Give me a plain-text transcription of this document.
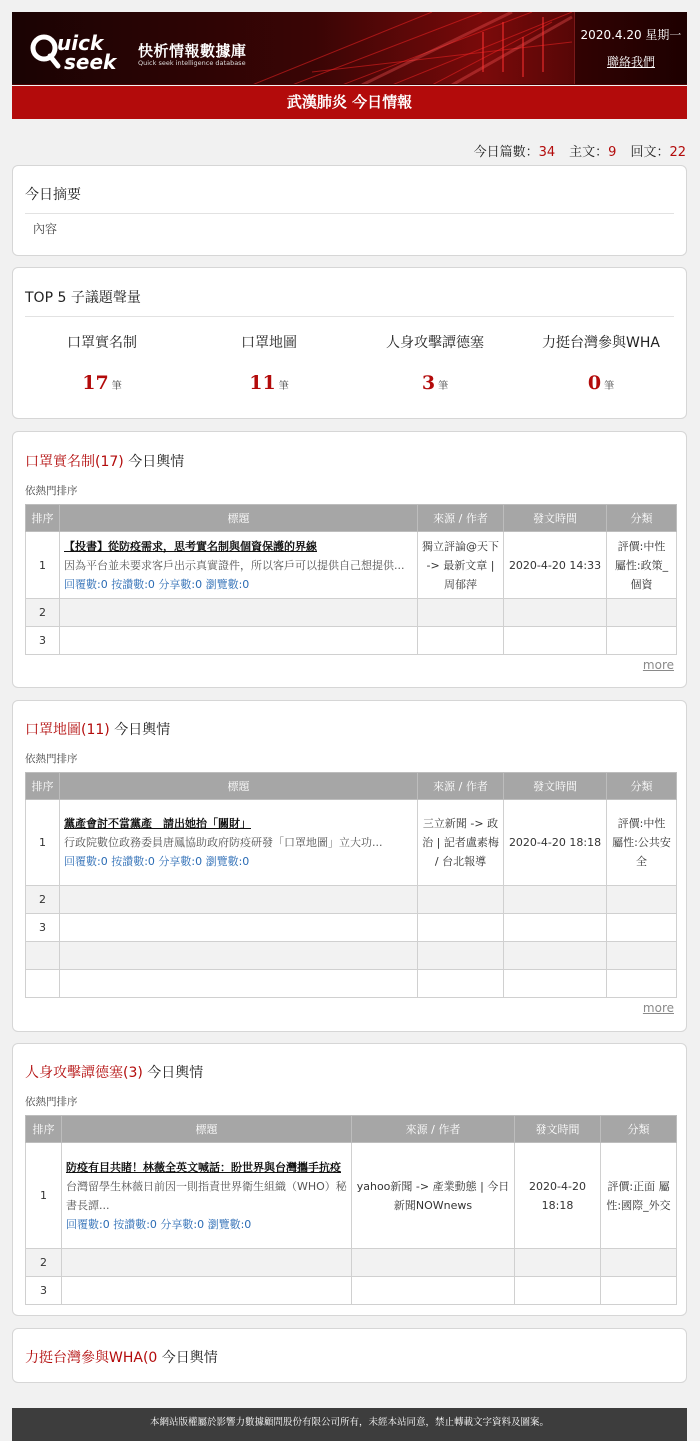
uick
seek 快析情報數據庫
Quick seek intelligence database
2020.4.20 星期一
聯絡我們
武漢肺炎 今日情報
今日篇數：34 主文：9 回文：22
今日摘要
內容
TOP 5 子議題聲量
口罩實名制
17 筆
口罩地圖
11 筆
人身攻擊譚德塞
3 筆
力挺台灣參與WHA
0 筆
口罩實名制(17) 今日輿情
依熱門排序
排序	標題	來源 / 作者	發文時間	分類
1	【投書】從防疫需求，思考實名制與個資保護的界線
因為平台並未要求客戶出示真實證件，所以客戶可以提供自己想提供...
回覆數:0 按讚數:0 分享數:0 瀏覽數:0	獨立評論@天下 -> 最新文章 | 周郁萍	2020-4-20 14:33	評價:中性 屬性:政策_個資
2				
3				
more
口罩地圖(11) 今日輿情
依熱門排序
排序	標題	來源 / 作者	發文時間	分類
1	黨產會討不當黨產　請出她抬「關財」
行政院數位政務委員唐鳳協助政府防疫研發「口罩地圖」立大功...
回覆數:0 按讚數:0 分享數:0 瀏覽數:0	三立新聞 -> 政治 | 記者盧素梅 / 台北報導	2020-4-20 18:18	評價:中性 屬性:公共安全
2				
3				

more
人身攻擊譚德塞(3) 今日輿情
依熱門排序
排序	標題	來源 / 作者	發文時間	分類
1	防疫有目共睹！林薇全英文喊話：盼世界與台灣攜手抗疫
台灣留學生林薇日前因一則指責世界衛生組織（WHO）秘書長譚...
回覆數:0 按讚數:0 分享數:0 瀏覽數:0	yahoo新聞 -> 產業動態 | 今日新聞NOWnews	2020-4-20 18:18	評價:正面 屬性:國際_外交
2				
3				
力挺台灣參與WHA(0 今日輿情
本網站版權屬於影響力數據顧問股份有限公司所有，未經本站同意，禁止轉載文字資料及圖案。
